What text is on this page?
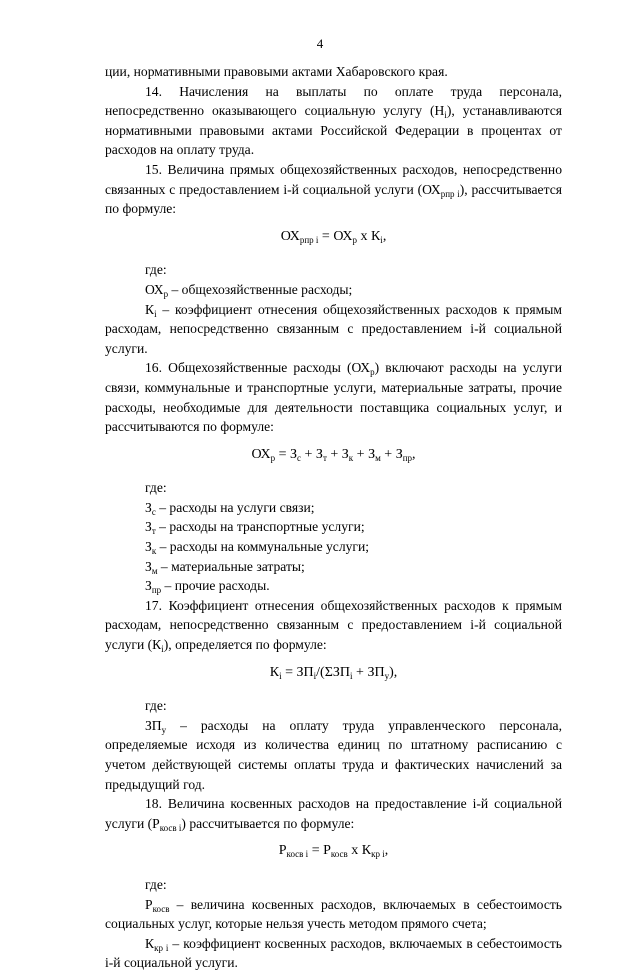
4

ции, нормативными правовыми актами Хабаровского края.

14. Начисления на выплаты по оплате труда персонала, непосредственно оказывающего социальную услугу $(Н_i)$, устанавливаются нормативными правовыми актами Российской Федерации в процентах от расходов на оплату труда.

15. Величина прямых общехозяйственных расходов, непосредственно связанных с предоставлением i-й социальной услуги $(ОХ_{рпр i})$, рассчитывается по формуле:

$ОХ_{рпр i} = ОХ_р$ х $К_i$,

где:

$ОХ_р$ – общехозяйственные расходы;

$К_i$ – коэффициент отнесения общехозяйственных расходов к прямым расходам, непосредственно связанным с предоставлением i-й социальной услуги.

16. Общехозяйственные расходы $(ОХ_р)$ включают расходы на услуги связи, коммунальные и транспортные услуги, материальные затраты, прочие расходы, необходимые для деятельности поставщика социальных услуг, и рассчитываются по формуле:

$ОХ_р = З_с + З_т + З_к + З_м + З_{пр}$,

где:

$З_с$ – расходы на услуги связи;

$З_т$ – расходы на транспортные услуги;

$З_к$ – расходы на коммунальные услуги;

$З_м$ – материальные затраты;

$З_{пр}$ – прочие расходы.

17. Коэффициент отнесения общехозяйственных расходов к прямым расходам, непосредственно связанным с предоставлением i-й социальной услуги $(К_i)$, определяется по формуле:

$К_i = ЗП_i/(\Sigma ЗП_i + ЗП_у)$,

где:

$ЗП_у$ – расходы на оплату труда управленческого персонала, определяемые исходя из количества единиц по штатному расписанию с учетом действующей системы оплаты труда и фактических начислений за предыдущий год.

18. Величина косвенных расходов на предоставление i-й социальной услуги $(Р_{косв i})$ рассчитывается по формуле:

$Р_{косв i} = Р_{косв}$ х $К_{кр i}$,

где:

$Р_{косв}$ – величина косвенных расходов, включаемых в себестоимость социальных услуг, которые нельзя учесть методом прямого счета;

$К_{кр i}$ – коэффициент косвенных расходов, включаемых в себестоимость i-й социальной услуги.
